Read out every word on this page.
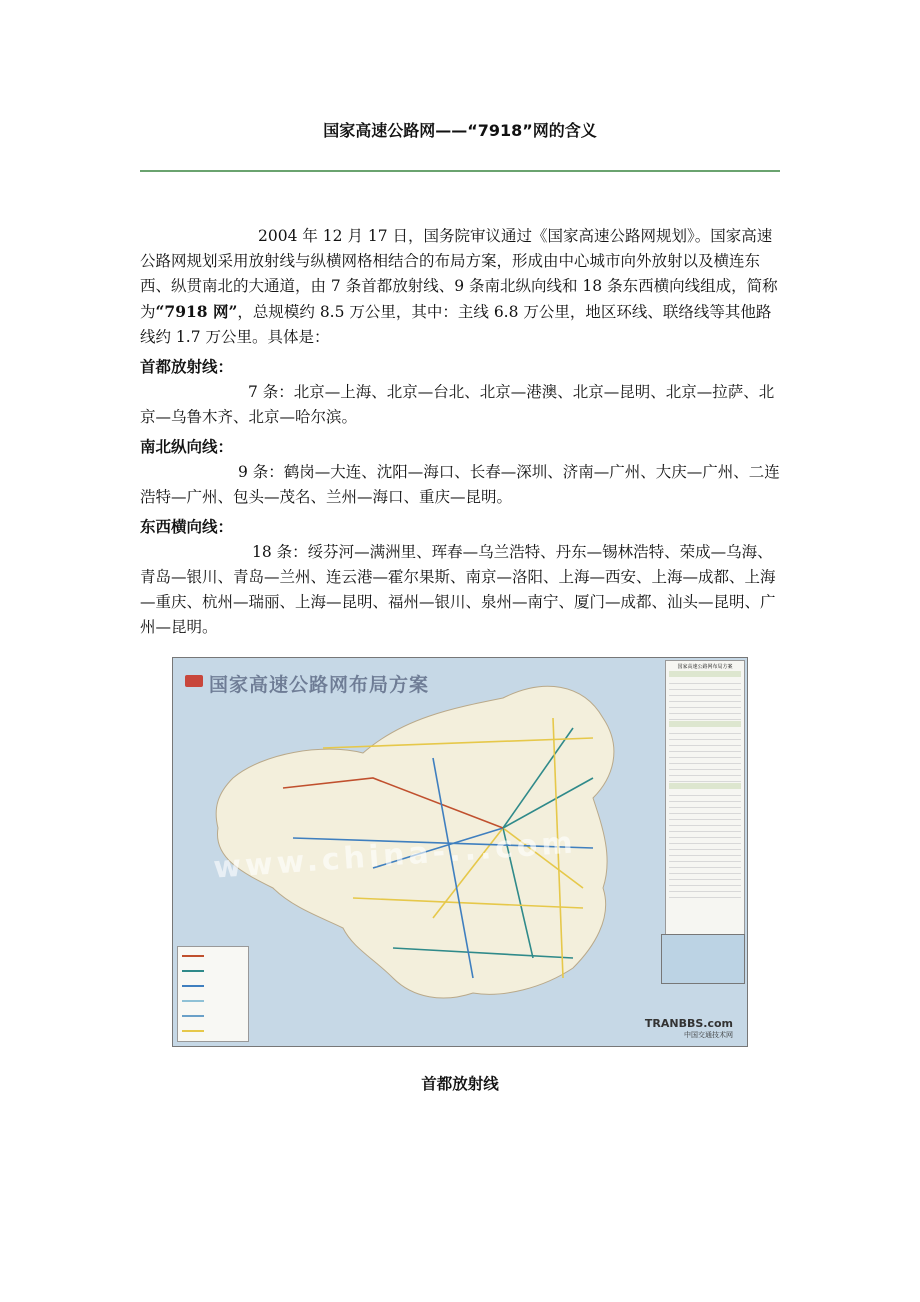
国家高速公路网——“7918”网的含义

2004 年 12 月 17 日，国务院审议通过《国家高速公路网规划》。国家高速公路网规划采用放射线与纵横网格相结合的布局方案，形成由中心城市向外放射以及横连东西、纵贯南北的大通道，由 7 条首都放射线、9 条南北纵向线和 18 条东西横向线组成，简称为“7918 网”，总规模约 8.5 万公里，其中：主线 6.8 万公里，地区环线、联络线等其他路线约 1.7 万公里。具体是：

首都放射线：

7 条：北京—上海、北京—台北、北京—港澳、北京—昆明、北京—拉萨、北京—乌鲁木齐、北京—哈尔滨。

南北纵向线：

9 条：鹤岗—大连、沈阳—海口、长春—深圳、济南—广州、大庆—广州、二连浩特—广州、包头—茂名、兰州—海口、重庆—昆明。

东西横向线：

18 条：绥芬河—满洲里、珲春—乌兰浩特、丹东—锡林浩特、荣成—乌海、青岛—银川、青岛—兰州、连云港—霍尔果斯、南京—洛阳、上海—西安、上海—成都、上海—重庆、杭州—瑞丽、上海—昆明、福州—银川、泉州—南宁、厦门—成都、汕头—昆明、广州—昆明。

国家高速公路网布局方案
www.china-...com
国家高速公路网布局方案
TRANBBS.com
中国交通技术网
首都放射线
